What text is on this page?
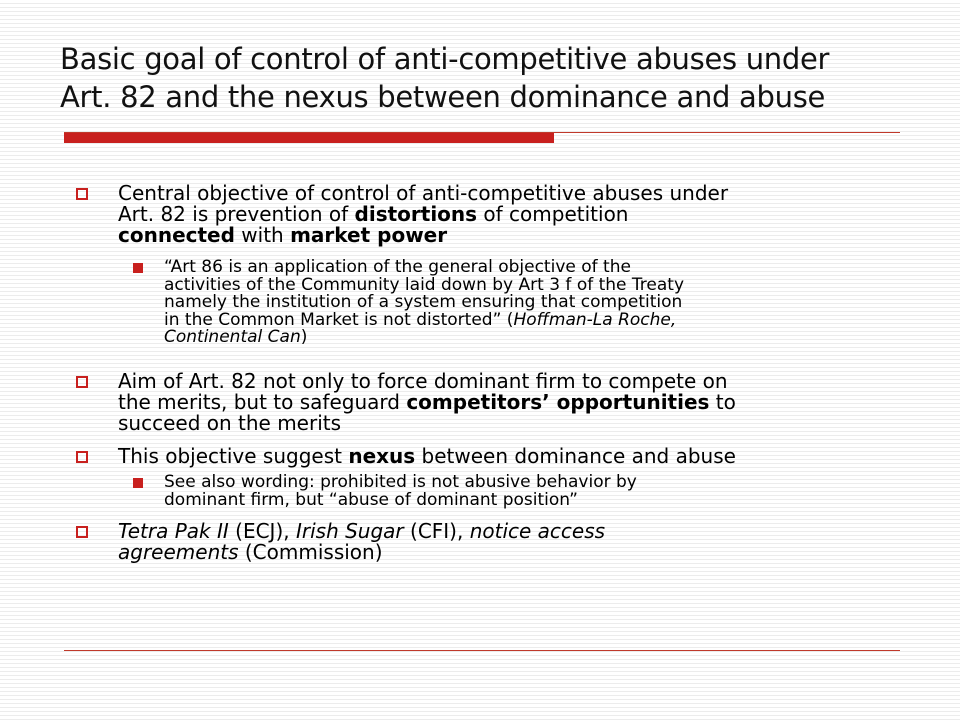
Basic goal of control of anti-competitive abuses under
Art. 82 and the nexus between dominance and abuse
Central objective of control of anti-competitive abuses under
Art. 82 is prevention of distortions of competition
connected with market power
“Art 86 is an application of the general objective of the
activities of the Community laid down by Art 3 f of the Treaty
namely the institution of a system ensuring that competition
in the Common Market is not distorted” (Hoffman-La Roche,
Continental Can)
Aim of Art. 82 not only to force dominant firm to compete on
the merits, but to safeguard competitors’ opportunities to
succeed on the merits
This objective suggest nexus between dominance and abuse
See also wording: prohibited is not abusive behavior by
dominant firm, but “abuse of dominant position”
Tetra Pak II (ECJ), Irish Sugar (CFI), notice access
agreements (Commission)
